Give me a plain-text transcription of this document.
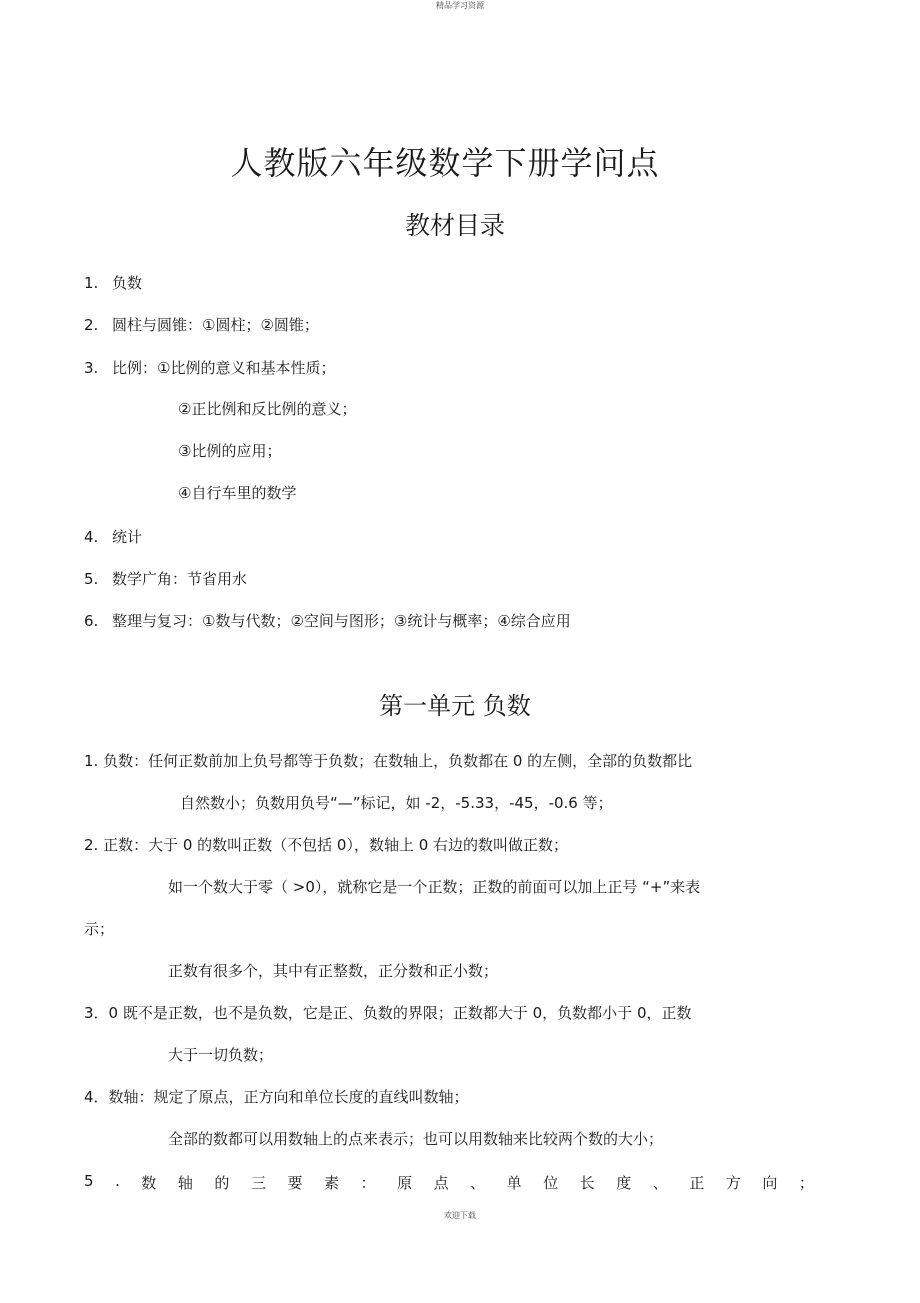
精品学习资源
人教版六年级数学下册学问点
教材目录
1. 负数
2. 圆柱与圆锥：①圆柱；②圆锥；
3. 比例：①比例的意义和基本性质；
②正比例和反比例的意义；
③比例的应用；
④自行车里的数学
4. 统计
5. 数学广角：节省用水
6. 整理与复习：①数与代数；②空间与图形；③统计与概率；④综合应用
第一单元 负数
1. 负数：任何正数前加上负号都等于负数；在数轴上，负数都在 0 的左侧，全部的负数都比
自然数小；负数用负号“—”标记，如 -2，-5.33，-45，-0.6 等；
2. 正数：大于 0 的数叫正数（不包括 0），数轴上 0 右边的数叫做正数；
如一个数大于零（ >0），就称它是一个正数；正数的前面可以加上正号 “+”来表
示；
正数有很多个，其中有正整数，正分数和正小数；
3．0 既不是正数，也不是负数，它是正、负数的界限；正数都大于 0，负数都小于 0，正数
大于一切负数；
4．数轴：规定了原点，正方向和单位长度的直线叫数轴；
全部的数都可以用数轴上的点来表示；也可以用数轴来比较两个数的大小；
5 . 数 轴 的 三 要 素 ： 原 点 、 单 位 长 度 、 正 方 向 ；
欢迎下载
